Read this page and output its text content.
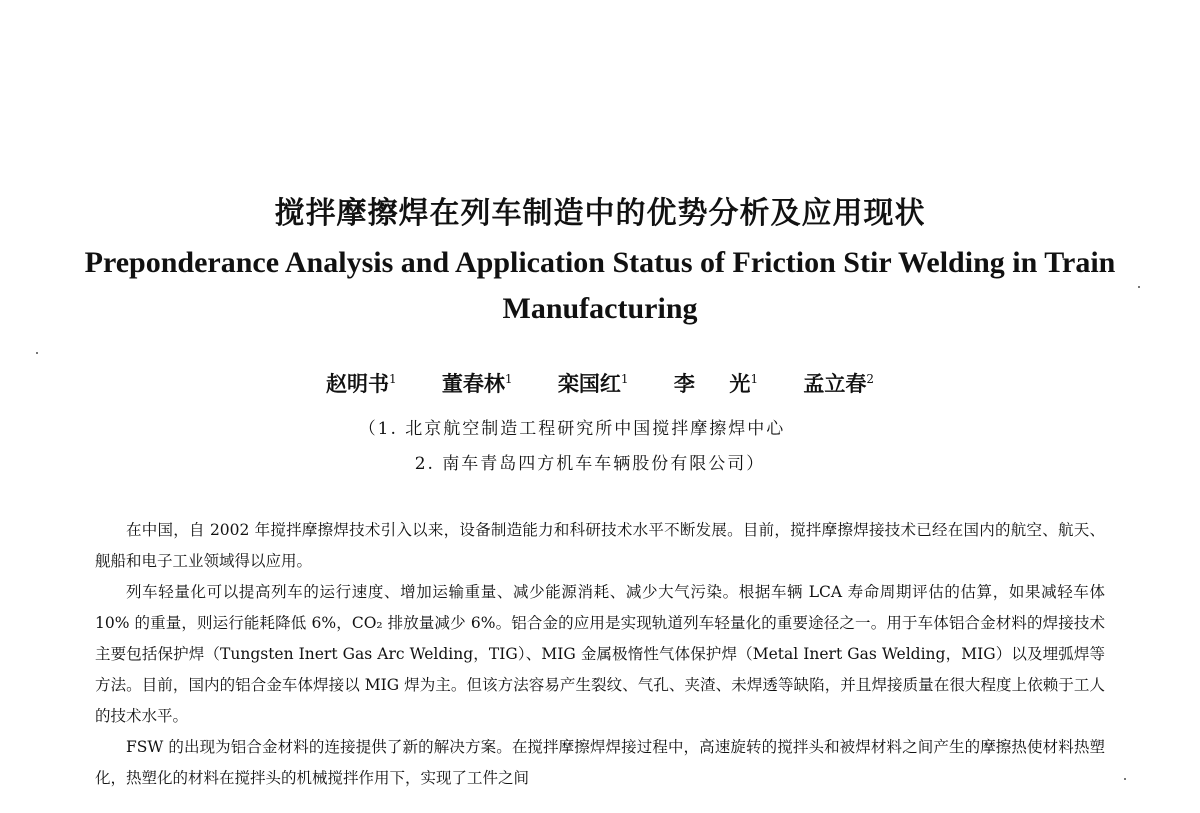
搅拌摩擦焊在列车制造中的优势分析及应用现状
Preponderance Analysis and Application Status of Friction Stir Welding in Train Manufacturing
赵明书$^1$ 董春林$^1$ 栾国红$^1$ 李  光$^1$ 孟立春$^2$
（1. 北京航空制造工程研究所中国搅拌摩擦焊中心
2. 南车青岛四方机车车辆股份有限公司）

在中国，自 2002 年搅拌摩擦焊技术引入以来，设备制造能力和科研技术水平不断发展。目前，搅拌摩擦焊接技术已经在国内的航空、航天、舰船和电子工业领域得以应用。

列车轻量化可以提高列车的运行速度、增加运输重量、减少能源消耗、减少大气污染。根据车辆 LCA 寿命周期评估的估算，如果减轻车体 10% 的重量，则运行能耗降低 6%，CO₂ 排放量减少 6%。铝合金的应用是实现轨道列车轻量化的重要途径之一。用于车体铝合金材料的焊接技术主要包括保护焊（Tungsten Inert Gas Arc Welding，TIG）、MIG 金属极惰性气体保护焊（Metal Inert Gas Welding，MIG）以及埋弧焊等方法。目前，国内的铝合金车体焊接以 MIG 焊为主。但该方法容易产生裂纹、气孔、夹渣、未焊透等缺陷，并且焊接质量在很大程度上依赖于工人的技术水平。

FSW 的出现为铝合金材料的连接提供了新的解决方案。在搅拌摩擦焊焊接过程中，高速旋转的搅拌头和被焊材料之间产生的摩擦热使材料热塑化，热塑化的材料在搅拌头的机械搅拌作用下，实现了工件之间
